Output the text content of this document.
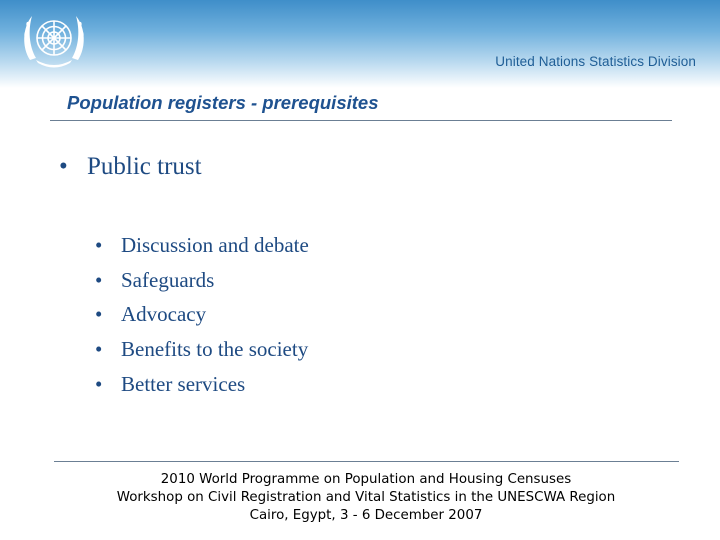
United Nations Statistics Division
Population registers - prerequisites
• Public trust
• Discussion and debate
• Safeguards
• Advocacy
• Benefits to the society
• Better services
2010 World Programme on Population and Housing Censuses
Workshop on Civil Registration and Vital Statistics in the UNESCWA Region
Cairo, Egypt, 3 - 6 December 2007
